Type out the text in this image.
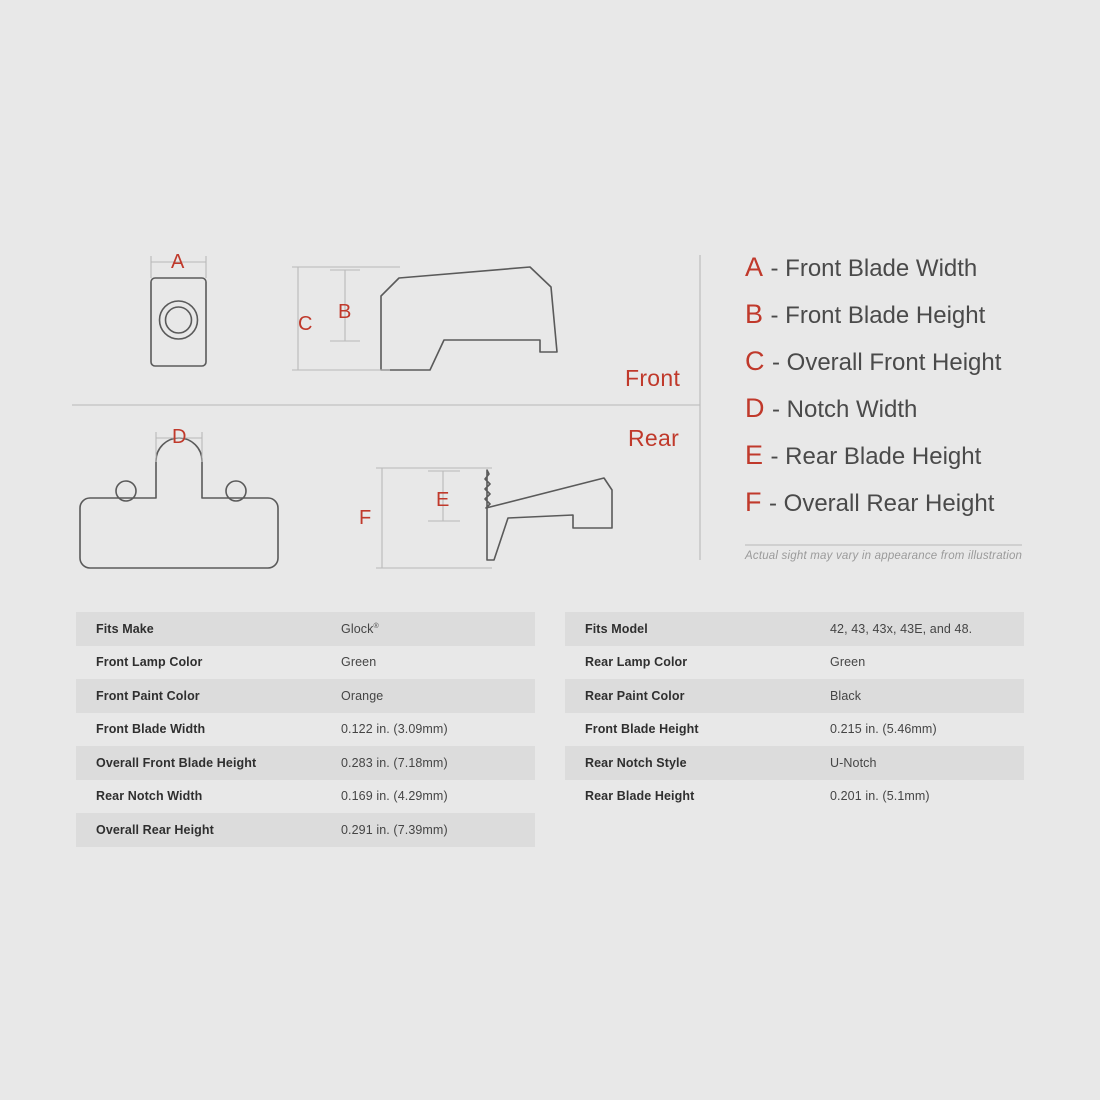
A
B
C
D
E
F
Front
Rear
A - Front Blade Width
B - Front Blade Height
C - Overall Front Height
D - Notch Width
E - Rear Blade Height
F - Overall Rear Height
Actual sight may vary in appearance from illustration
Fits Make	Glock®
Front Lamp Color	Green
Front Paint Color	Orange
Front Blade Width	0.122 in. (3.09mm)
Overall Front Blade Height	0.283 in. (7.18mm)
Rear Notch Width	0.169 in. (4.29mm)
Overall Rear Height	0.291 in. (7.39mm)
Fits Model	42, 43, 43x, 43E, and 48.
Rear Lamp Color	Green
Rear Paint Color	Black
Front Blade Height	0.215 in. (5.46mm)
Rear Notch Style	U-Notch
Rear Blade Height	0.201 in. (5.1mm)
